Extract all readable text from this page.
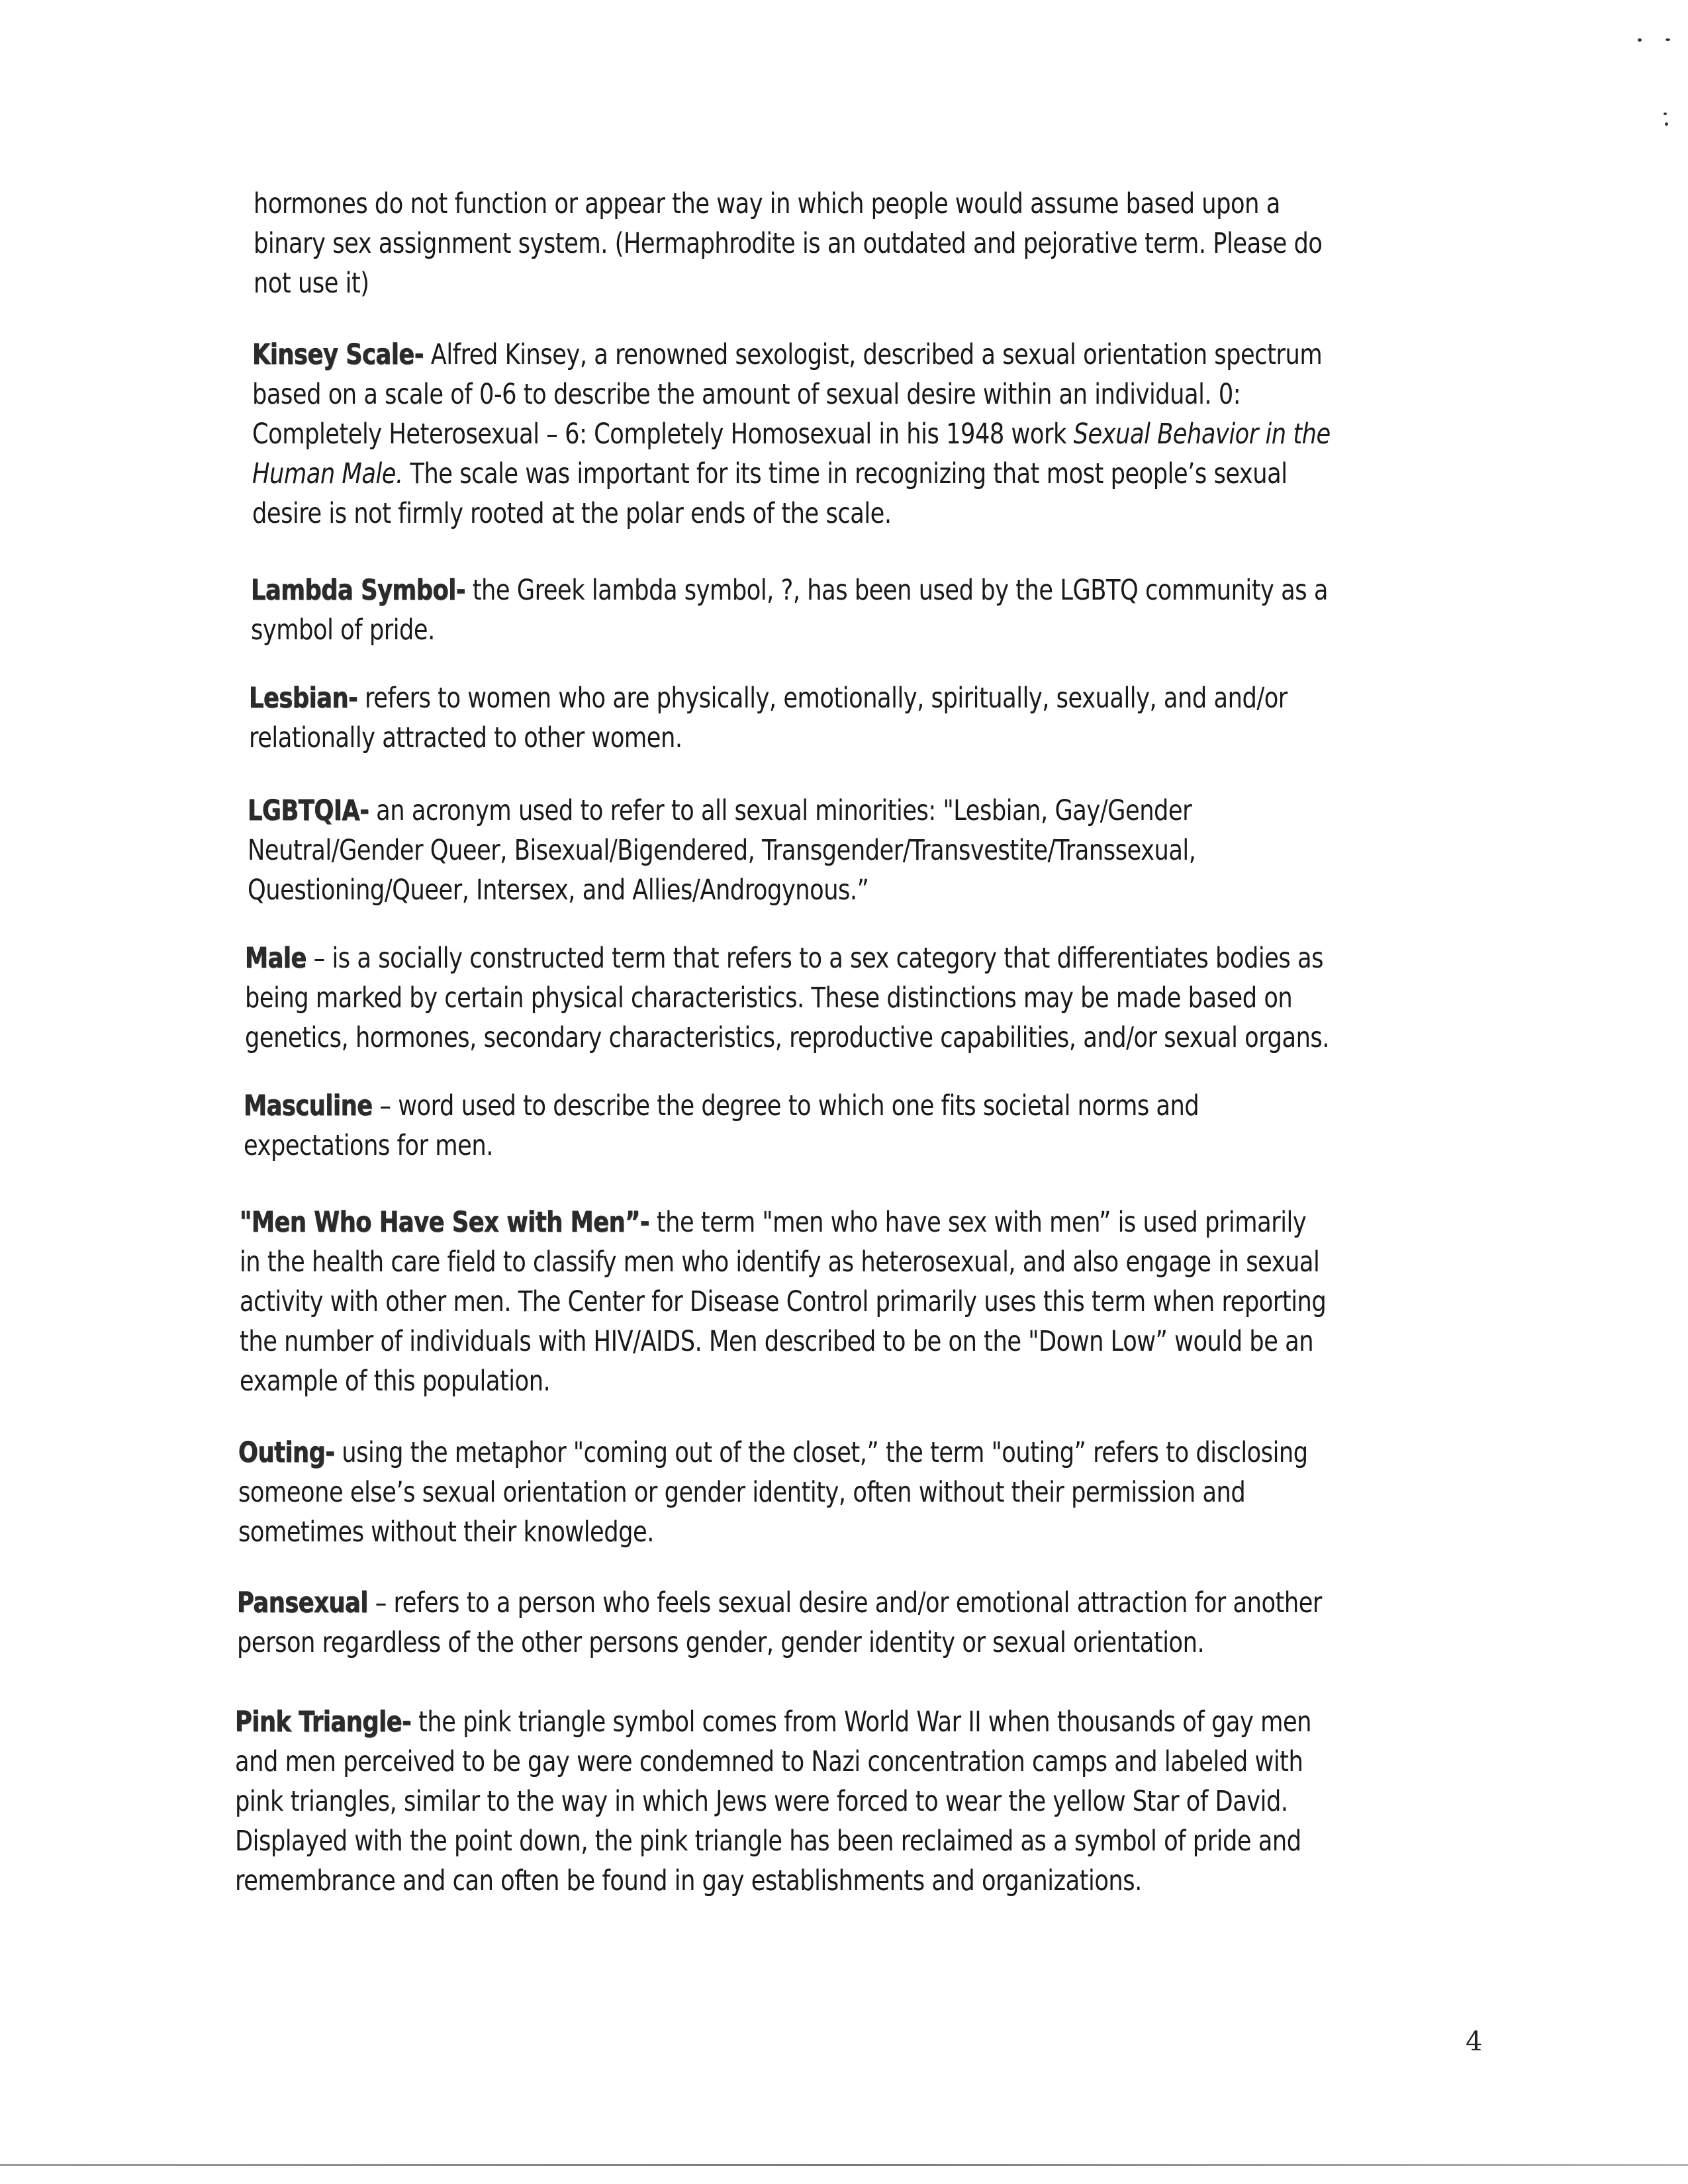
hormones do not function or appear the way in which people would assume based upon a
binary sex assignment system. (Hermaphrodite is an outdated and pejorative term. Please do
not use it)
Kinsey Scale- Alfred Kinsey, a renowned sexologist, described a sexual orientation spectrum
based on a scale of 0-6 to describe the amount of sexual desire within an individual. 0:
Completely Heterosexual – 6: Completely Homosexual in his 1948 work Sexual Behavior in the
Human Male. The scale was important for its time in recognizing that most people’s sexual
desire is not firmly rooted at the polar ends of the scale.
Lambda Symbol- the Greek lambda symbol, ?, has been used by the LGBTQ community as a
symbol of pride.
Lesbian- refers to women who are physically, emotionally, spiritually, sexually, and and/or
relationally attracted to other women.
LGBTQIA- an acronym used to refer to all sexual minorities: "Lesbian, Gay/Gender
Neutral/Gender Queer, Bisexual/Bigendered, Transgender/Transvestite/Transsexual,
Questioning/Queer, Intersex, and Allies/Androgynous.”
Male – is a socially constructed term that refers to a sex category that differentiates bodies as
being marked by certain physical characteristics. These distinctions may be made based on
genetics, hormones, secondary characteristics, reproductive capabilities, and/or sexual organs.
Masculine – word used to describe the degree to which one fits societal norms and
expectations for men.
"Men Who Have Sex with Men”- the term "men who have sex with men” is used primarily
in the health care field to classify men who identify as heterosexual, and also engage in sexual
activity with other men. The Center for Disease Control primarily uses this term when reporting
the number of individuals with HIV/AIDS. Men described to be on the "Down Low” would be an
example of this population.
Outing- using the metaphor "coming out of the closet,” the term "outing” refers to disclosing
someone else’s sexual orientation or gender identity, often without their permission and
sometimes without their knowledge.
Pansexual – refers to a person who feels sexual desire and/or emotional attraction for another
person regardless of the other persons gender, gender identity or sexual orientation.
Pink Triangle- the pink triangle symbol comes from World War II when thousands of gay men
and men perceived to be gay were condemned to Nazi concentration camps and labeled with
pink triangles, similar to the way in which Jews were forced to wear the yellow Star of David.
Displayed with the point down, the pink triangle has been reclaimed as a symbol of pride and
remembrance and can often be found in gay establishments and organizations.
4
